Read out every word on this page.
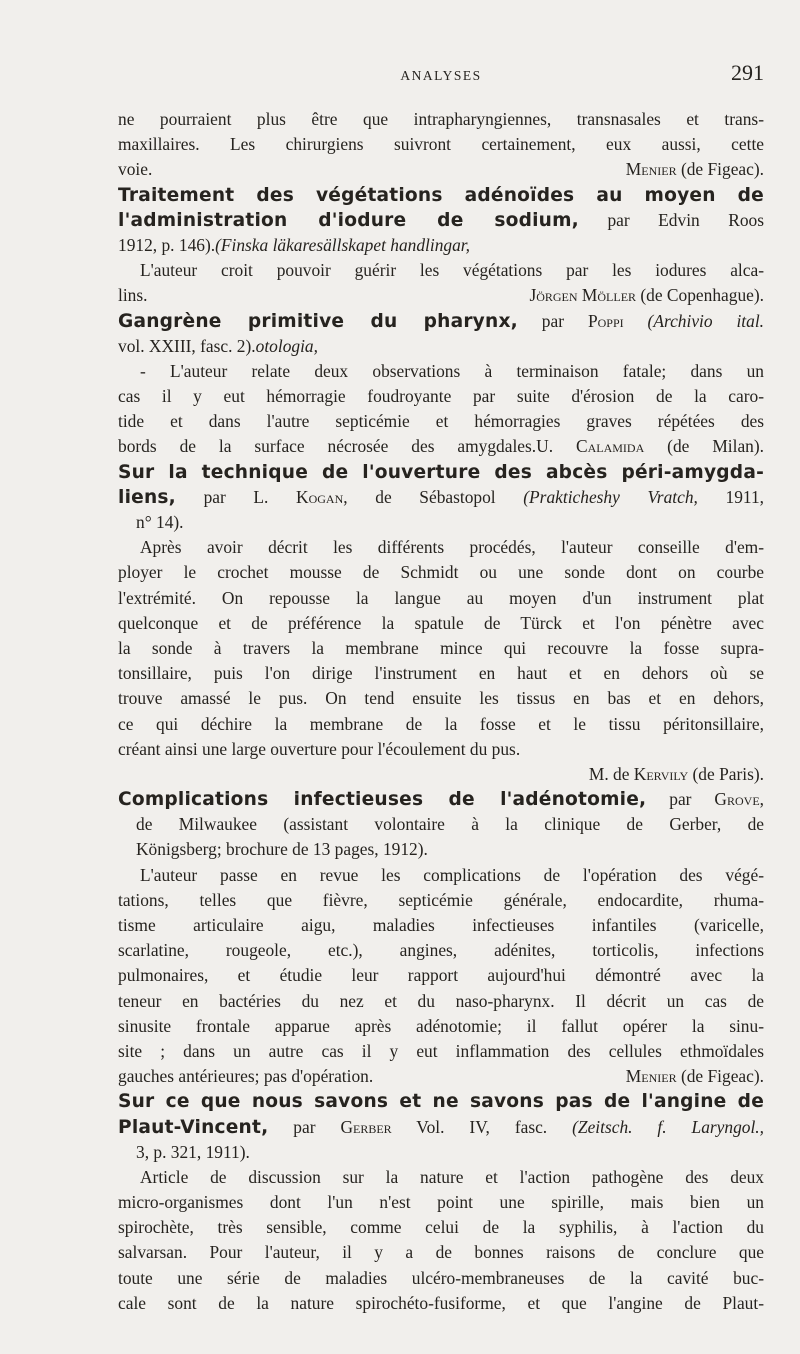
ANALYSES	291
ne pourraient plus être que intrapharyngiennes, transnasales et trans-
maxillaires. Les chirurgiens suivront certainement, eux aussi, cette
voie.	Menier (de Figeac).
Traitement des végétations adénoïdes au moyen de
l'administration d'iodure de sodium, par Edvin Roos
1912, p. 146).(Finska läkaresällskapet handlingar,
L'auteur croit pouvoir guérir les végétations par les iodures alca-
lins.	Jörgen Möller (de Copenhague).
Gangrène primitive du pharynx, par Poppi (Archivio ital.
vol. XXIII, fasc. 2).otologia,
- L'auteur relate deux observations à terminaison fatale; dans un
cas il y eut hémorragie foudroyante par suite d'érosion de la caro-
tide et dans l'autre septicémie et hémorragies graves répétées des
bords de la surface nécrosée des amygdales.U. Calamida (de Milan).
Sur la technique de l'ouverture des abcès péri-amygda-
liens, par L. Kogan, de Sébastopol (Prakticheshy Vratch, 1911,
n° 14).
Après avoir décrit les différents procédés, l'auteur conseille d'em-
ployer le crochet mousse de Schmidt ou une sonde dont on courbe
l'extrémité. On repousse la langue au moyen d'un instrument plat
quelconque et de préférence la spatule de Türck et l'on pénètre avec
la sonde à travers la membrane mince qui recouvre la fosse supra-
tonsillaire, puis l'on dirige l'instrument en haut et en dehors où se
trouve amassé le pus. On tend ensuite les tissus en bas et en dehors,
ce qui déchire la membrane de la fosse et le tissu péritonsillaire,
créant ainsi une large ouverture pour l'écoulement du pus.
M. de Kervily (de Paris).
Complications infectieuses de l'adénotomie, par Grove,
de Milwaukee (assistant volontaire à la clinique de Gerber, de
Königsberg; brochure de 13 pages, 1912).
L'auteur passe en revue les complications de l'opération des végé-
tations, telles que fièvre, septicémie générale, endocardite, rhuma-
tisme articulaire aigu, maladies infectieuses infantiles (varicelle,
scarlatine, rougeole, etc.), angines, adénites, torticolis, infections
pulmonaires, et étudie leur rapport aujourd'hui démontré avec la
teneur en bactéries du nez et du naso-pharynx. Il décrit un cas de
sinusite frontale apparue après adénotomie; il fallut opérer la sinu-
site ; dans un autre cas il y eut inflammation des cellules ethmoïdales
gauches antérieures; pas d'opération.	Menier (de Figeac).
Sur ce que nous savons et ne savons pas de l'angine de
Plaut-Vincent, par Gerber Vol. IV, fasc. (Zeitsch. f. Laryngol.,
3, p. 321, 1911).
Article de discussion sur la nature et l'action pathogène des deux
micro-organismes dont l'un n'est point une spirille, mais bien un
spirochète, très sensible, comme celui de la syphilis, à l'action du
salvarsan. Pour l'auteur, il y a de bonnes raisons de conclure que
toute une série de maladies ulcéro-membraneuses de la cavité buc-
cale sont de la nature spirochéto-fusiforme, et que l'angine de Plaut-
